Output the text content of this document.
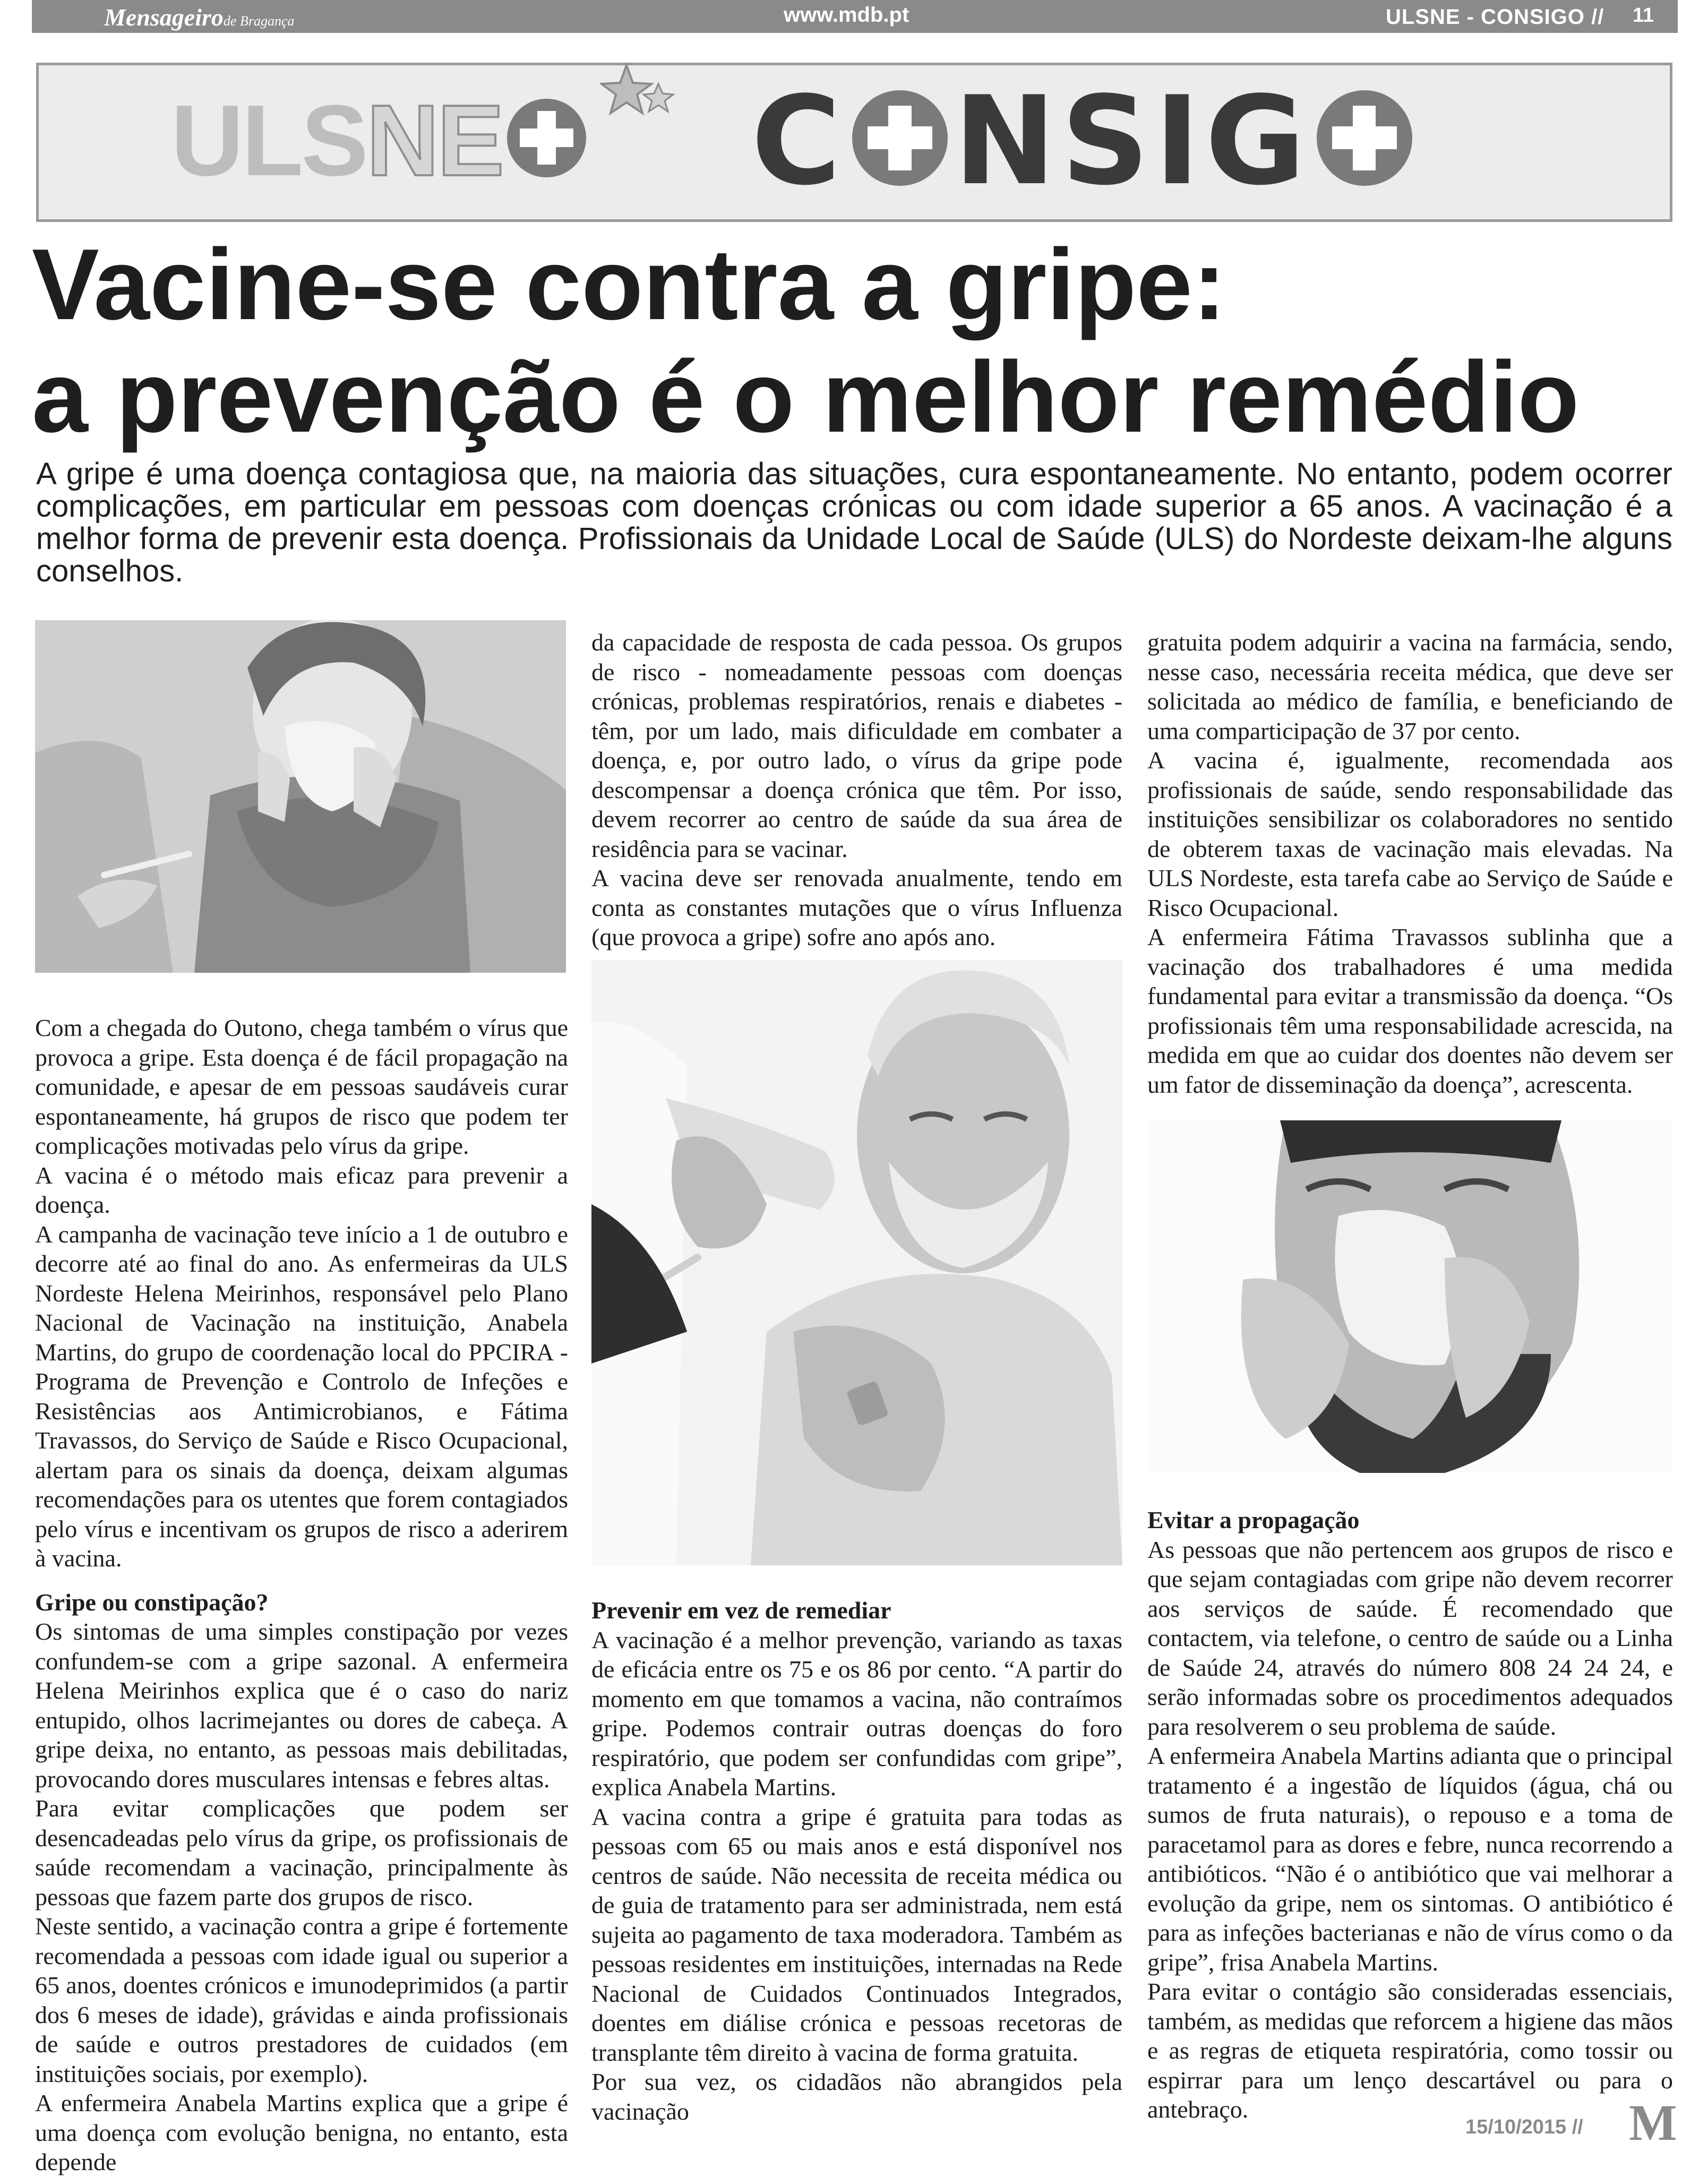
Mensageirode Bragança	www.mdb.pt	ULSNE - CONSIGO // 11
ULSNE	C NSIG
Vacine-se contra a gripe:
a prevenção é o melhor remédio
A gripe é uma doença contagiosa que, na maioria das situações, cura espontaneamente. No entanto, podem ocorrer complicações, em particular em pessoas com doenças crónicas ou com idade superior a 65 anos. A vacinação é a melhor forma de prevenir esta doença. Profissionais da Unidade Local de Saúde (ULS) do Nordeste deixam-lhe alguns conselhos.

Com a chegada do Outono, chega também o vírus que provoca a gripe. Esta doença é de fácil propagação na comunidade, e apesar de em pessoas saudáveis curar espontaneamente, há grupos de risco que podem ter complicações motivadas pelo vírus da gripe.

A vacina é o método mais eficaz para prevenir a doença.

A campanha de vacinação teve início a 1 de outubro e decorre até ao final do ano. As enfermeiras da ULS Nordeste Helena Meirinhos, responsável pelo Plano Nacional de Vacinação na instituição, Anabela Martins, do grupo de coordenação local do PPCIRA - Programa de Prevenção e Controlo de Infeções e Resistências aos Antimicrobianos, e Fátima Travassos, do Serviço de Saúde e Risco Ocupacional, alertam para os sinais da doença, deixam algumas recomendações para os utentes que forem contagiados pelo vírus e incentivam os grupos de risco a aderirem à vacina.

Gripe ou constipação?

Os sintomas de uma simples constipação por vezes confundem-se com a gripe sazonal. A enfermeira Helena Meirinhos explica que é o caso do nariz entupido, olhos lacrimejantes ou dores de cabeça. A gripe deixa, no entanto, as pessoas mais debilitadas, provocando dores musculares intensas e febres altas.

Para evitar complicações que podem ser desencadeadas pelo vírus da gripe, os profissionais de saúde recomendam a vacinação, principalmente às pessoas que fazem parte dos grupos de risco.

Neste sentido, a vacinação contra a gripe é fortemente recomendada a pessoas com idade igual ou superior a 65 anos, doentes crónicos e imunodeprimidos (a partir dos 6 meses de idade), grávidas e ainda profissionais de saúde e outros prestadores de cuidados (em instituições sociais, por exemplo).

A enfermeira Anabela Martins explica que a gripe é uma doença com evolução benigna, no entanto, esta depende

da capacidade de resposta de cada pessoa. Os grupos de risco - nomeadamente pessoas com doenças crónicas, problemas respiratórios, renais e diabetes - têm, por um lado, mais dificuldade em combater a doença, e, por outro lado, o vírus da gripe pode descompensar a doença crónica que têm. Por isso, devem recorrer ao centro de saúde da sua área de residência para se vacinar.

A vacina deve ser renovada anualmente, tendo em conta as constantes mutações que o vírus Influenza (que provoca a gripe) sofre ano após ano.

Prevenir em vez de remediar

A vacinação é a melhor prevenção, variando as taxas de eficácia entre os 75 e os 86 por cento. “A partir do momento em que tomamos a vacina, não contraímos gripe. Podemos contrair outras doenças do foro respiratório, que podem ser confundidas com gripe”, explica Anabela Martins.

A vacina contra a gripe é gratuita para todas as pessoas com 65 ou mais anos e está disponível nos centros de saúde. Não necessita de receita médica ou de guia de tratamento para ser administrada, nem está sujeita ao pagamento de taxa moderadora. Também as pessoas residentes em instituições, internadas na Rede Nacional de Cuidados Continuados Integrados, doentes em diálise crónica e pessoas recetoras de transplante têm direito à vacina de forma gratuita.

Por sua vez, os cidadãos não abrangidos pela vacinação

gratuita podem adquirir a vacina na farmácia, sendo, nesse caso, necessária receita médica, que deve ser solicitada ao médico de família, e beneficiando de uma comparticipação de 37 por cento.

A vacina é, igualmente, recomendada aos profissionais de saúde, sendo responsabilidade das instituições sensibilizar os colaboradores no sentido de obterem taxas de vacinação mais elevadas. Na ULS Nordeste, esta tarefa cabe ao Serviço de Saúde e Risco Ocupacional.

A enfermeira Fátima Travassos sublinha que a vacinação dos trabalhadores é uma medida fundamental para evitar a transmissão da doença. “Os profissionais têm uma responsabilidade acrescida, na medida em que ao cuidar dos doentes não devem ser um fator de disseminação da doença”, acrescenta.

Evitar a propagação

As pessoas que não pertencem aos grupos de risco e que sejam contagiadas com gripe não devem recorrer aos serviços de saúde. É recomendado que contactem, via telefone, o centro de saúde ou a Linha de Saúde 24, através do número 808 24 24 24, e serão informadas sobre os procedimentos adequados para resolverem o seu problema de saúde.

A enfermeira Anabela Martins adianta que o principal tratamento é a ingestão de líquidos (água, chá ou sumos de fruta naturais), o repouso e a toma de paracetamol para as dores e febre, nunca recorrendo a antibióticos. “Não é o antibiótico que vai melhorar a evolução da gripe, nem os sintomas. O antibiótico é para as infeções bacterianas e não de vírus como o da gripe”, frisa Anabela Martins.

Para evitar o contágio são consideradas essenciais, também, as medidas que reforcem a higiene das mãos e as regras de etiqueta respiratória, como tossir ou espirrar para um lenço descartável ou para o antebraço.

15/10/2015 // M
